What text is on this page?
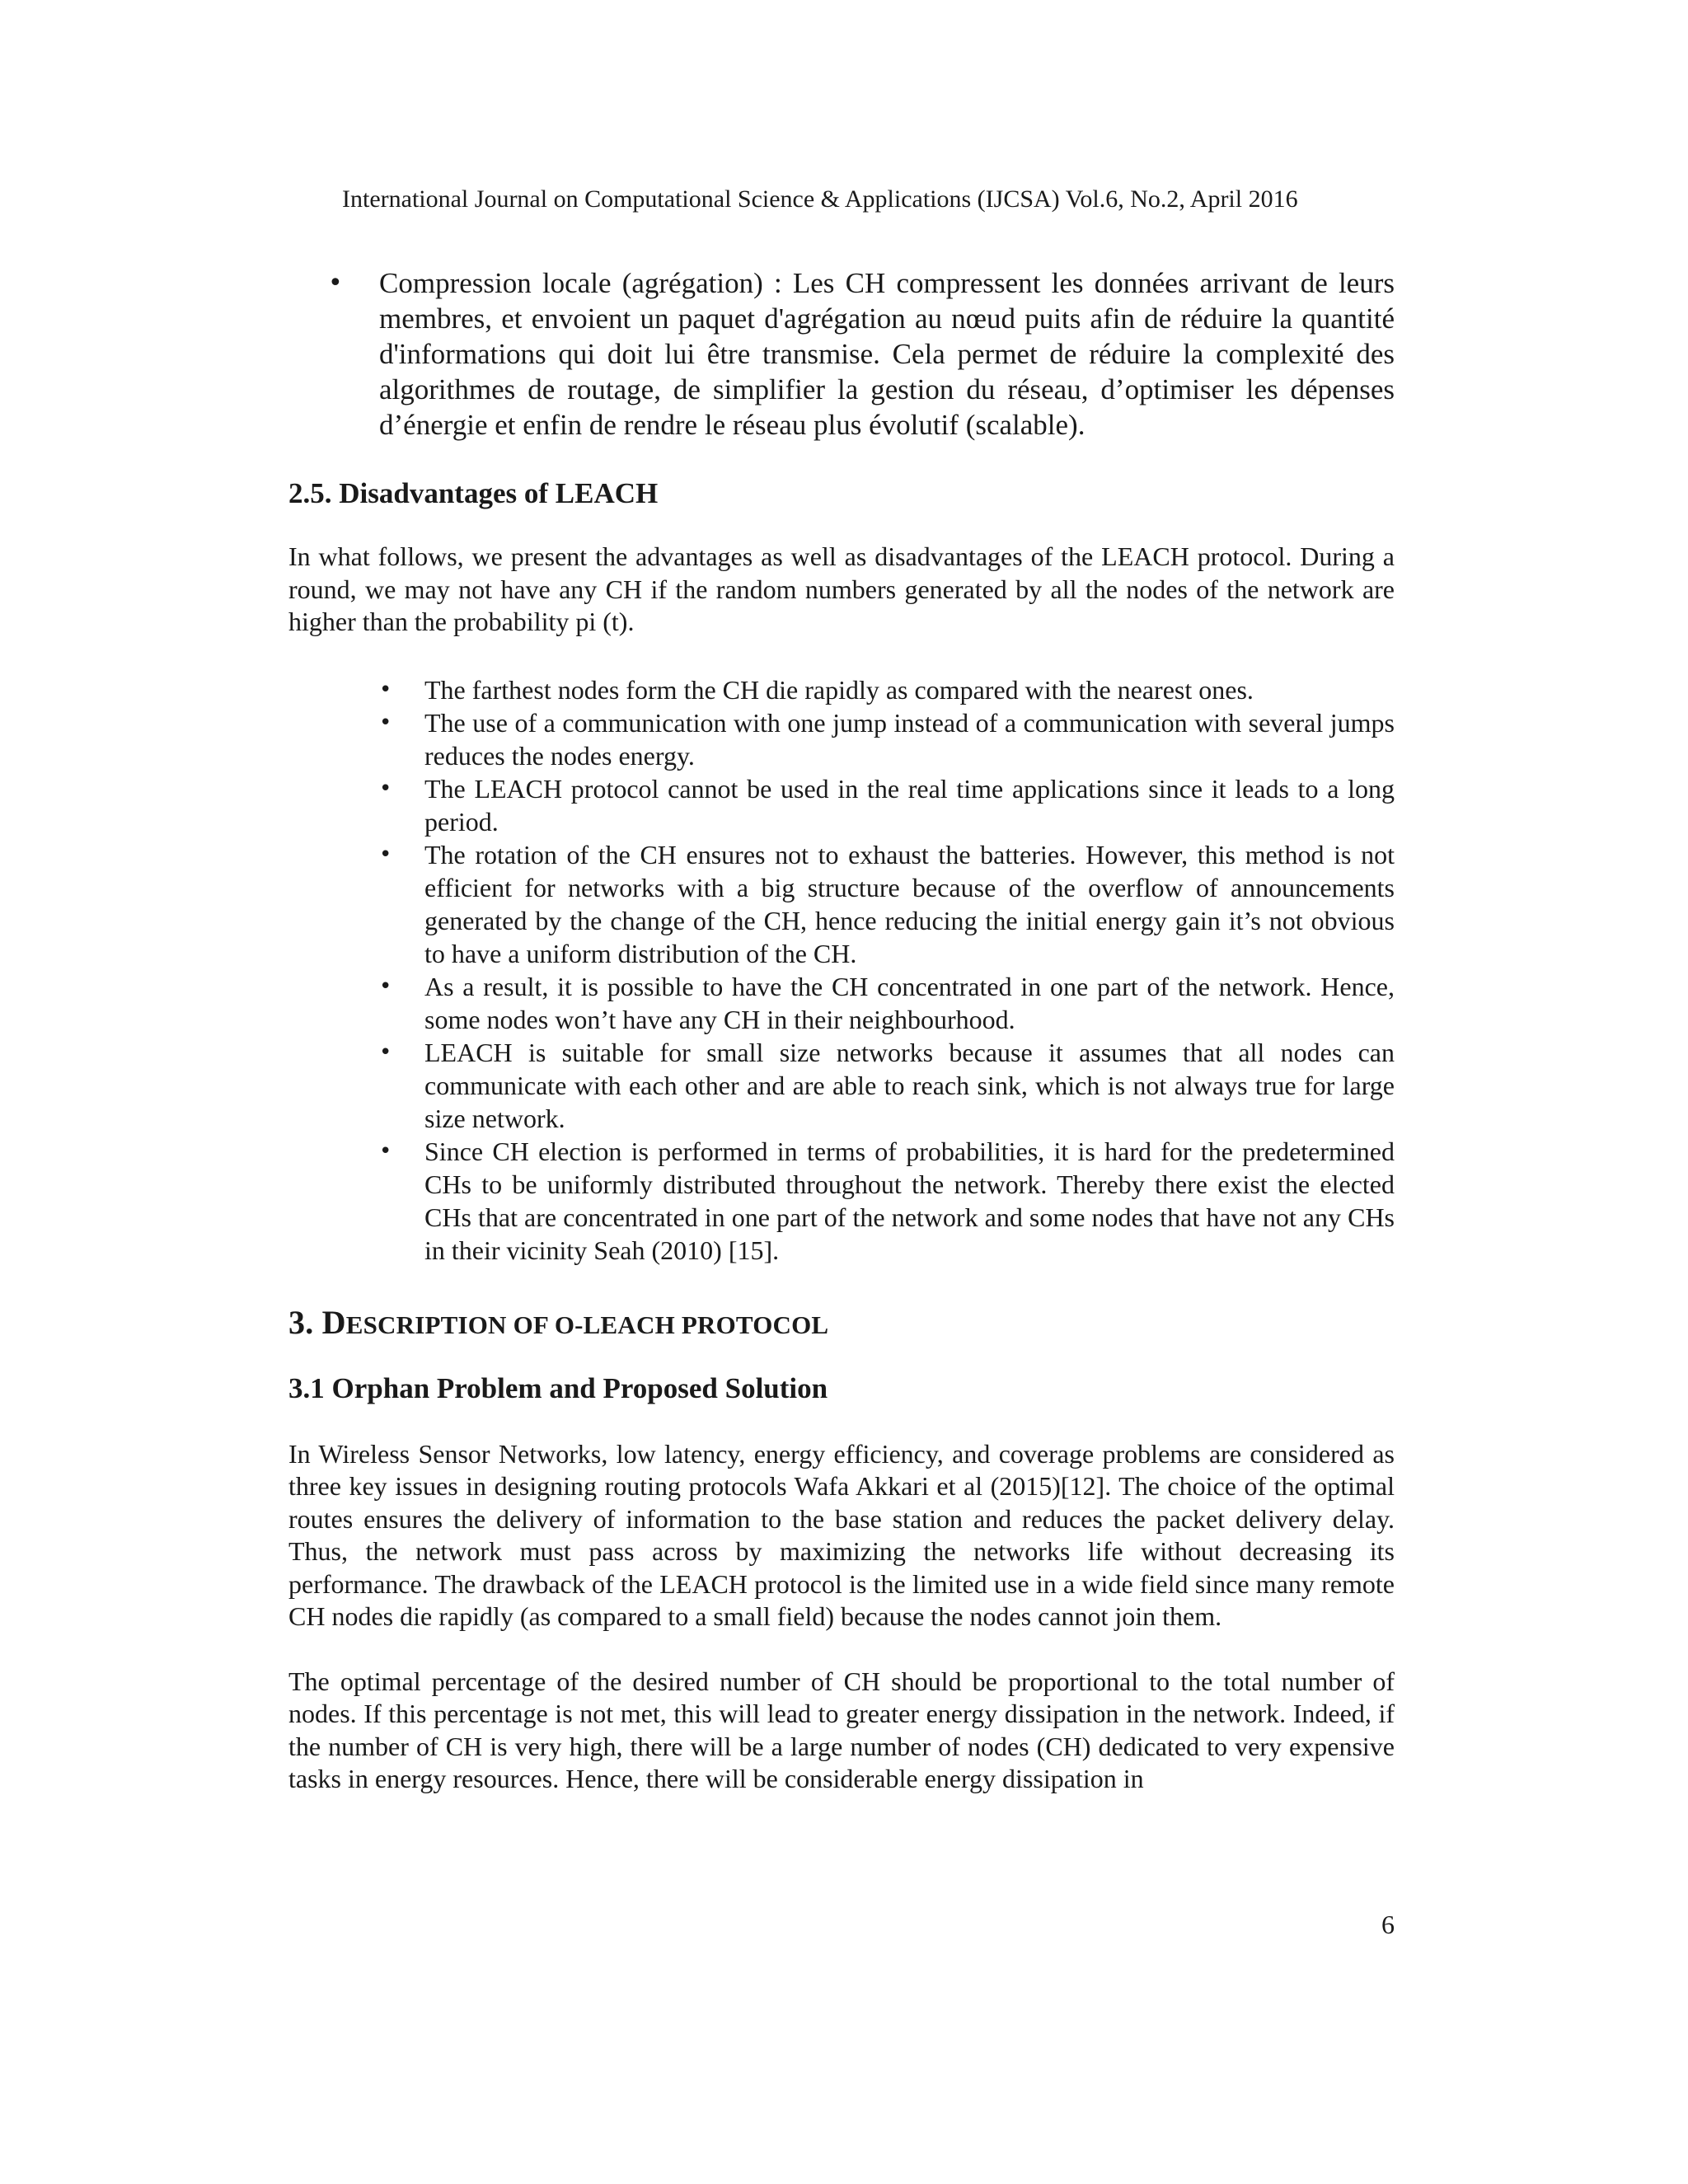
International Journal on Computational Science & Applications (IJCSA) Vol.6, No.2, April 2016
• Compression locale (agrégation) : Les CH compressent les données arrivant de leurs membres, et envoient un paquet d'agrégation au nœud puits afin de réduire la quantité d'informations qui doit lui être transmise. Cela permet de réduire la complexité des algorithmes de routage, de simplifier la gestion du réseau, d’optimiser les dépenses d’énergie et enfin de rendre le réseau plus évolutif (scalable).
2.5. Disadvantages of LEACH

In what follows, we present the advantages as well as disadvantages of the LEACH protocol. During a round, we may not have any CH if the random numbers generated by all the nodes of the network are higher than the probability pi (t).

• The farthest nodes form the CH die rapidly as compared with the nearest ones.
• The use of a communication with one jump instead of a communication with several jumps reduces the nodes energy.
• The LEACH protocol cannot be used in the real time applications since it leads to a long period.
• The rotation of the CH ensures not to exhaust the batteries. However, this method is not efficient for networks with a big structure because of the overflow of announcements generated by the change of the CH, hence reducing the initial energy gain it’s not obvious to have a uniform distribution of the CH.
• As a result, it is possible to have the CH concentrated in one part of the network. Hence, some nodes won’t have any CH in their neighbourhood.
• LEACH is suitable for small size networks because it assumes that all nodes can communicate with each other and are able to reach sink, which is not always true for large size network.
• Since CH election is performed in terms of probabilities, it is hard for the predetermined CHs to be uniformly distributed throughout the network. Thereby there exist the elected CHs that are concentrated in one part of the network and some nodes that have not any CHs in their vicinity Seah (2010) [15].
3. DESCRIPTION OF O-LEACH PROTOCOL
3.1 Orphan Problem and Proposed Solution

In Wireless Sensor Networks, low latency, energy efficiency, and coverage problems are considered as three key issues in designing routing protocols Wafa Akkari et al (2015)[12]. The choice of the optimal routes ensures the delivery of information to the base station and reduces the packet delivery delay. Thus, the network must pass across by maximizing the networks life without decreasing its performance. The drawback of the LEACH protocol is the limited use in a wide field since many remote CH nodes die rapidly (as compared to a small field) because the nodes cannot join them.

The optimal percentage of the desired number of CH should be proportional to the total number of nodes. If this percentage is not met, this will lead to greater energy dissipation in the network. Indeed, if the number of CH is very high, there will be a large number of nodes (CH) dedicated to very expensive tasks in energy resources. Hence, there will be considerable energy dissipation in

6
